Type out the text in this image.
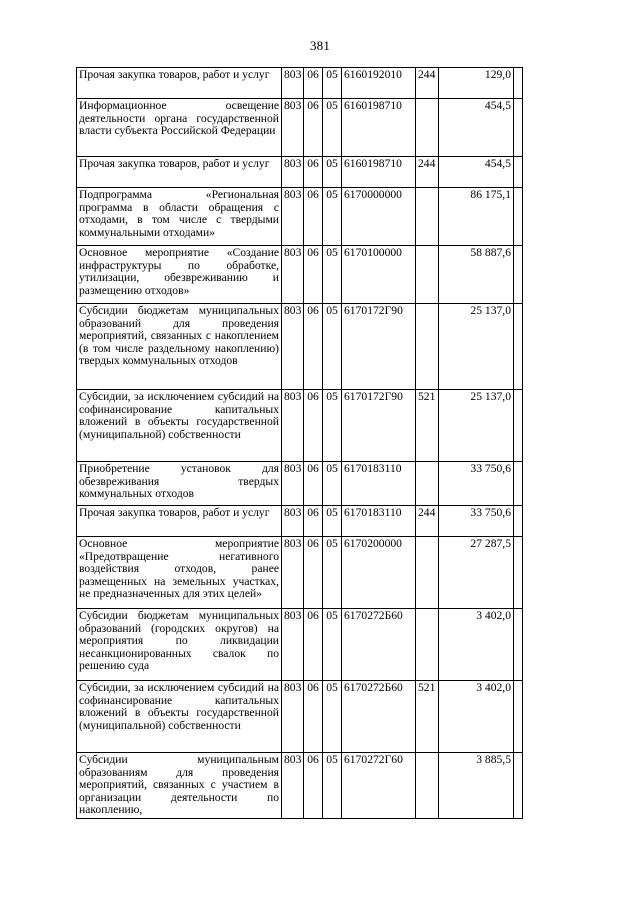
381
Прочая закупка товаров, работ и услуг	803	06	05	6160192010	244	129,0	
Информационное освещение деятельности органа государственной власти субъекта Российской Федерации	803	06	05	6160198710		454,5	
Прочая закупка товаров, работ и услуг	803	06	05	6160198710	244	454,5	
Подпрограмма «Региональная программа в области обращения с отходами, в том числе с твердыми коммунальными отходами»	803	06	05	6170000000		86 175,1	
Основное мероприятие «Создание инфраструктуры по обработке, утилизации, обезвреживанию и размещению отходов»	803	06	05	6170100000		58 887,6	
Субсидии бюджетам муниципальных образований для проведения мероприятий, связанных с накоплением (в том числе раздельному накоплению) твердых коммунальных отходов	803	06	05	6170172Г90		25 137,0	
Субсидии, за исключением субсидий на софинансирование капитальных вложений в объекты государственной (муниципальной) собственности	803	06	05	6170172Г90	521	25 137,0	
Приобретение установок для обезвреживания твердых коммунальных отходов	803	06	05	6170183110		33 750,6	
Прочая закупка товаров, работ и услуг	803	06	05	6170183110	244	33 750,6	
Основное мероприятие «Предотвращение негативного воздействия отходов, ранее размещенных на земельных участках, не предназначенных для этих целей»	803	06	05	6170200000		27 287,5	
Субсидии бюджетам муниципальных образований (городских округов) на мероприятия по ликвидации несанкционированных свалок по решению суда	803	06	05	6170272Б60		3 402,0	
Субсидии, за исключением субсидий на софинансирование капитальных вложений в объекты государственной (муниципальной) собственности	803	06	05	6170272Б60	521	3 402,0	
Субсидии муниципальным образованиям для проведения мероприятий, связанных с участием в организации деятельности по накоплению,	803	06	05	6170272Г60		3 885,5	
